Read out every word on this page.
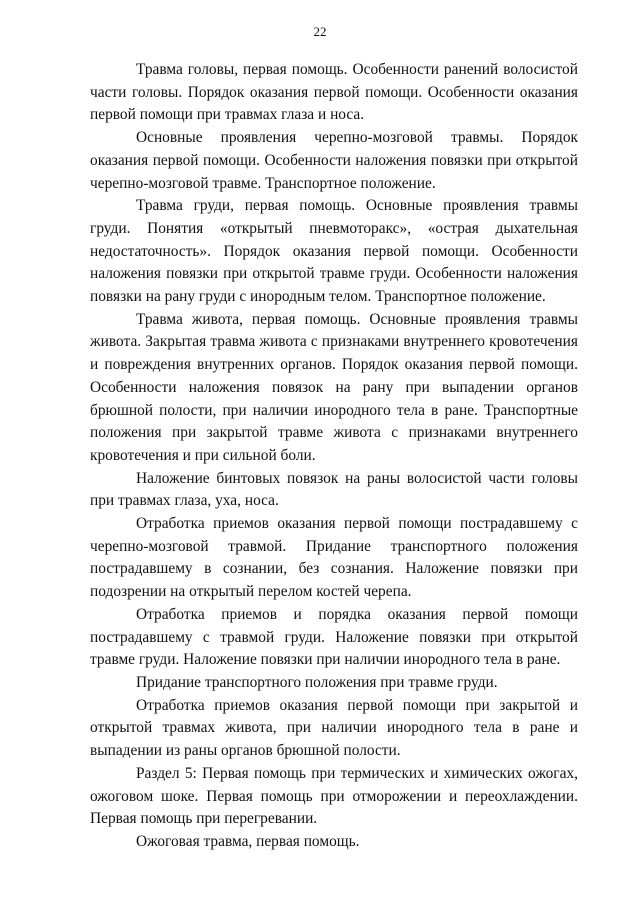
22

Травма головы, первая помощь. Особенности ранений волосистой части головы. Порядок оказания первой помощи. Особенности оказания первой помощи при травмах глаза и носа.

Основные проявления черепно-мозговой травмы. Порядок оказания первой помощи. Особенности наложения повязки при открытой черепно-мозговой травме. Транспортное положение.

Травма груди, первая помощь. Основные проявления травмы груди. Понятия «открытый пневмоторакс», «острая дыхательная недостаточность». Порядок оказания первой помощи. Особенности наложения повязки при открытой травме груди. Особенности наложения повязки на рану груди с инородным телом. Транспортное положение.

Травма живота, первая помощь. Основные проявления травмы живота. Закрытая травма живота с признаками внутреннего кровотечения и повреждения внутренних органов. Порядок оказания первой помощи. Особенности наложения повязок на рану при выпадении органов брюшной полости, при наличии инородного тела в ране. Транспортные положения при закрытой травме живота с признаками внутреннего кровотечения и при сильной боли.

Наложение бинтовых повязок на раны волосистой части головы при травмах глаза, уха, носа.

Отработка приемов оказания первой помощи пострадавшему с черепно-мозговой травмой. Придание транспортного положения пострадавшему в сознании, без сознания. Наложение повязки при подозрении на открытый перелом костей черепа.

Отработка приемов и порядка оказания первой помощи пострадавшему с травмой груди. Наложение повязки при открытой травме груди. Наложение повязки при наличии инородного тела в ране.

Придание транспортного положения при травме груди.

Отработка приемов оказания первой помощи при закрытой и открытой травмах живота, при наличии инородного тела в ране и выпадении из раны органов брюшной полости.

Раздел 5: Первая помощь при термических и химических ожогах, ожоговом шоке. Первая помощь при отморожении и переохлаждении. Первая помощь при перегревании.

Ожоговая травма, первая помощь.
